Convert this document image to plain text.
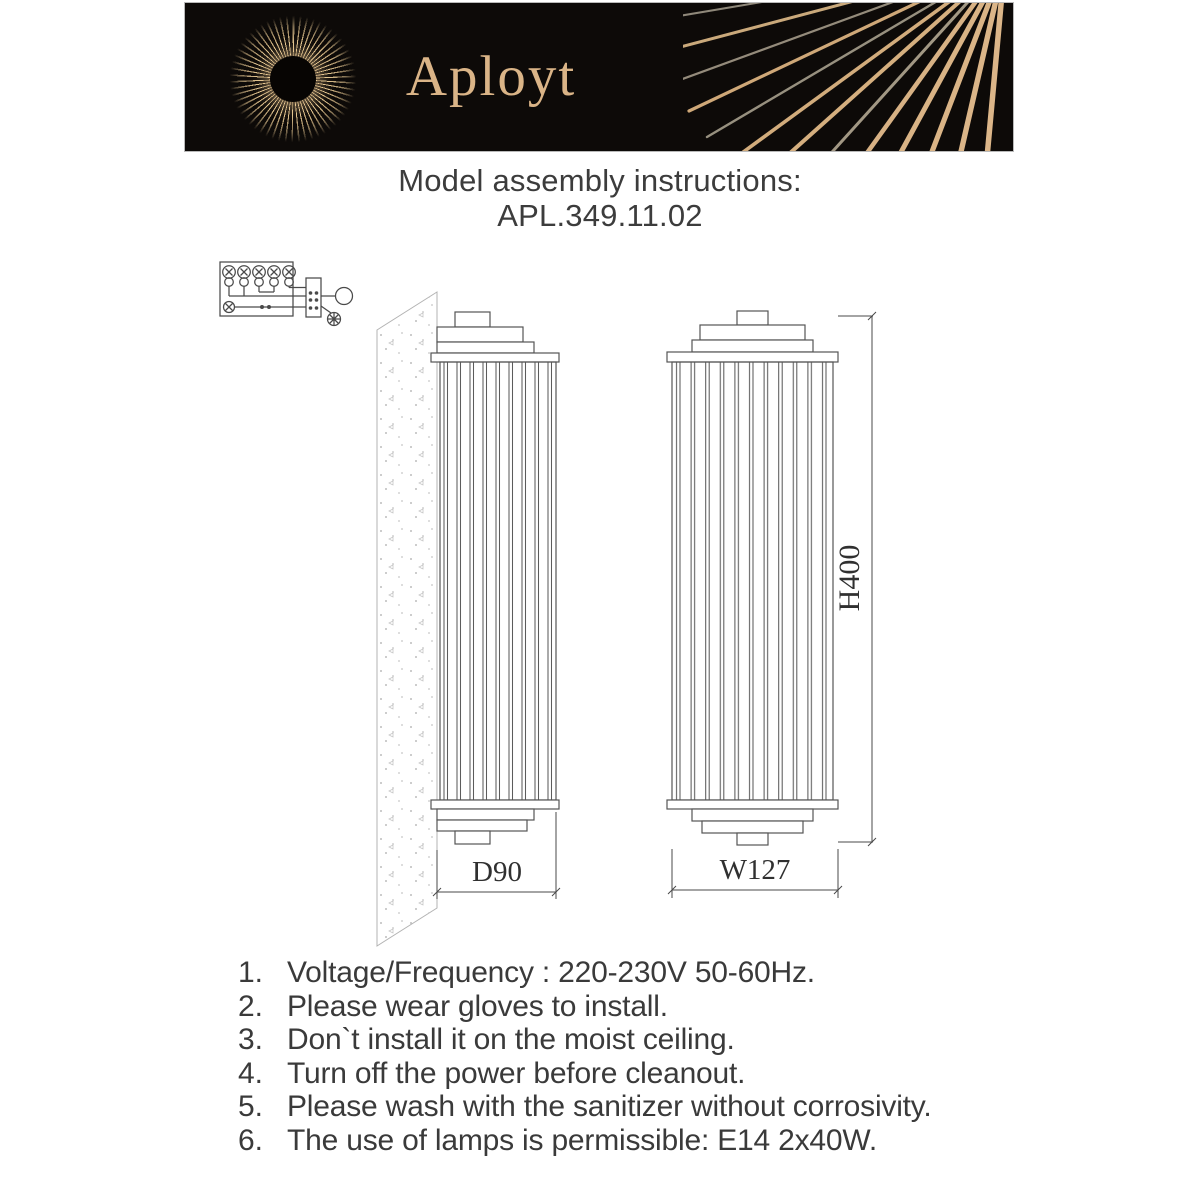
Aployt
Model assembly instructions:
APL.349.11.02
D90	W127
H400
1. Voltage/Frequency : 220-230V 50-60Hz.
2. Please wear gloves to install.
3. Don`t install it on the moist ceiling.
4. Turn off the power before cleanout.
5. Please wash with the sanitizer without corrosivity.
6. The use of lamps is permissible: E14 2x40W.
